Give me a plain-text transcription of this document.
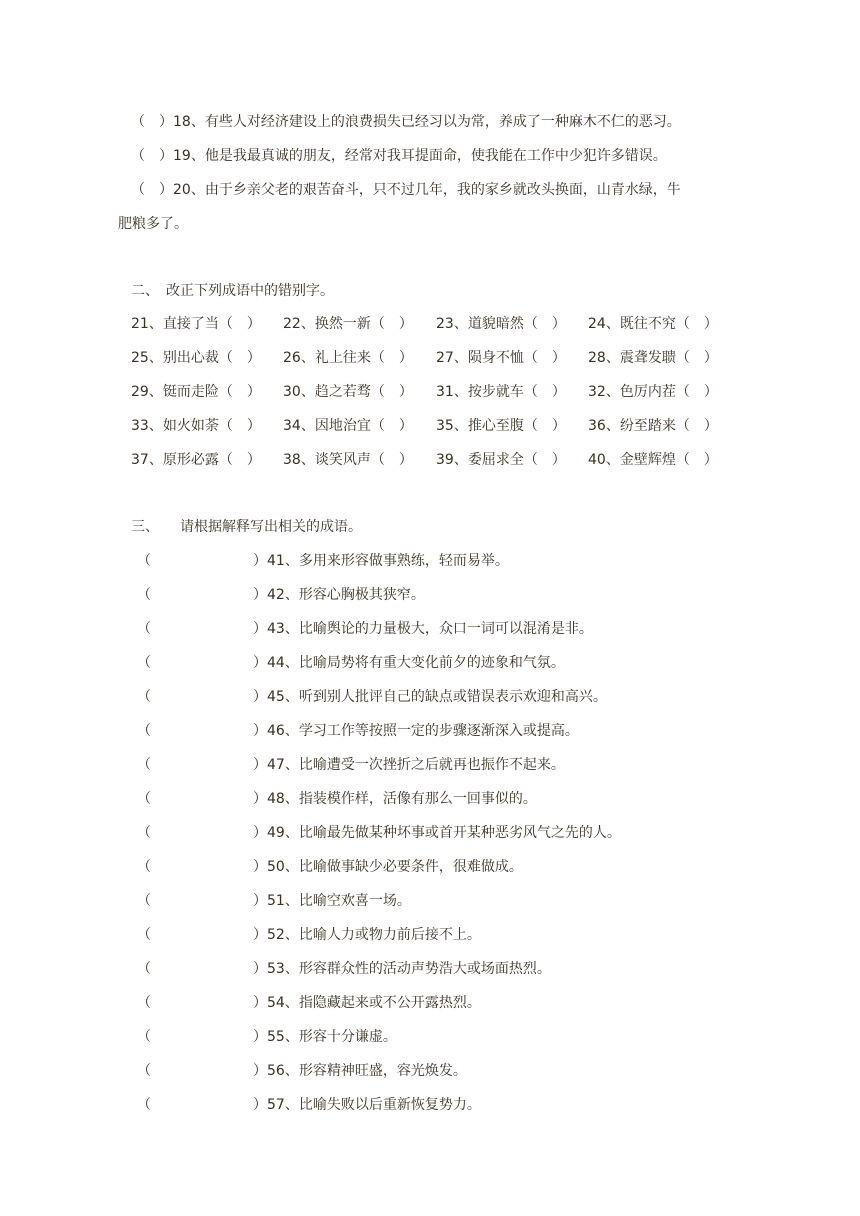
（　）18、有些人对经济建设上的浪费损失已经习以为常，养成了一种麻木不仁的恶习。
（　）19、他是我最真诚的朋友，经常对我耳提面命，使我能在工作中少犯许多错误。
（　）20、由于乡亲父老的艰苦奋斗，只不过几年，我的家乡就改头换面，山青水绿，牛
肥粮多了。
二、　改正下列成语中的错别字。
21、直接了当（　） 22、换然一新（　） 23、道貌暗然（　） 24、既往不究（　）
25、别出心裁（　） 26、礼上往来（　） 27、陨身不恤（　） 28、震聋发聩（　）
29、铤而走险（　） 30、趋之若骛（　） 31、按步就车（　） 32、色厉内茬（　）
33、如火如荼（　） 34、因地治宜（　） 35、推心至腹（　） 36、纷至踏来（　）
37、原形必露（　） 38、谈笑风声（　） 39、委屈求全（　） 40、金壁辉煌（　）
三、　　请根据解释写出相关的成语。
（	）41、多用来形容做事熟练，轻而易举。
（	）42、形容心胸极其狭窄。
（	）43、比喻舆论的力量极大，众口一词可以混淆是非。
（	）44、比喻局势将有重大变化前夕的迹象和气氛。
（	）45、听到别人批评自己的缺点或错误表示欢迎和高兴。
（	）46、学习工作等按照一定的步骤逐渐深入或提高。
（	）47、比喻遭受一次挫折之后就再也振作不起来。
（	）48、指装模作样，活像有那么一回事似的。
（	）49、比喻最先做某种坏事或首开某种恶劣风气之先的人。
（	）50、比喻做事缺少必要条件，很难做成。
（	）51、比喻空欢喜一场。
（	）52、比喻人力或物力前后接不上。
（	）53、形容群众性的活动声势浩大或场面热烈。
（	）54、指隐藏起来或不公开露热烈。
（	）55、形容十分谦虚。
（	）56、形容精神旺盛，容光焕发。
（	）57、比喻失败以后重新恢复势力。
